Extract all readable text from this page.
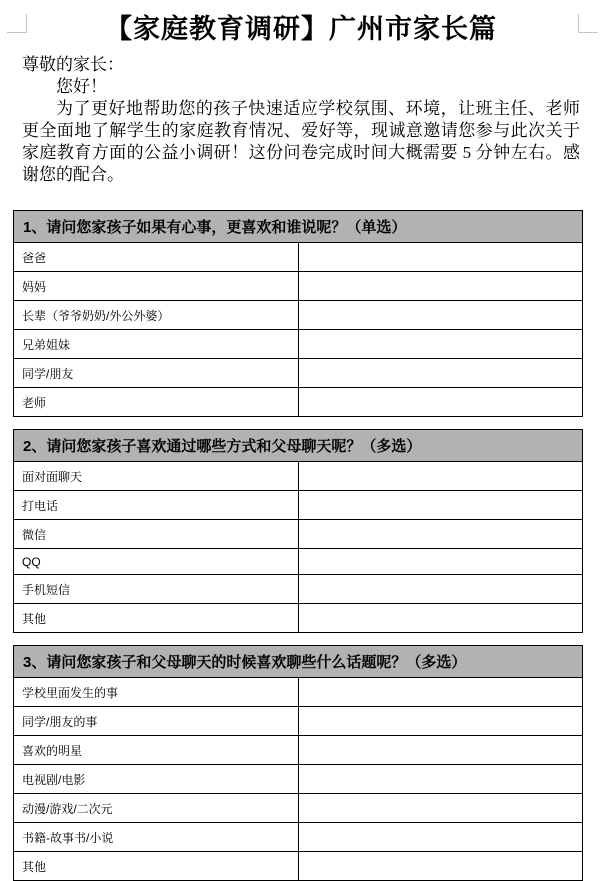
【家庭教育调研】广州市家长篇

尊敬的家长：

您好！

为了更好地帮助您的孩子快速适应学校氛围、环境，让班主任、老师更全面地了解学生的家庭教育情况、爱好等，现诚意邀请您参与此次关于家庭教育方面的公益小调研！这份问卷完成时间大概需要 5 分钟左右。感谢您的配合。

1、请问您家孩子如果有心事，更喜欢和谁说呢？（单选）	
爸爸	
妈妈	
长辈（爷爷奶奶/外公外婆）	
兄弟姐妹	
同学/朋友	
老师	
2、请问您家孩子喜欢通过哪些方式和父母聊天呢？（多选）	
面对面聊天	
打电话	
微信	
QQ	
手机短信	
其他	
3、请问您家孩子和父母聊天的时候喜欢聊些什么话题呢？（多选）	
学校里面发生的事	
同学/朋友的事	
喜欢的明星	
电视剧/电影	
动漫/游戏/二次元	
书籍-故事书/小说	
其他	
